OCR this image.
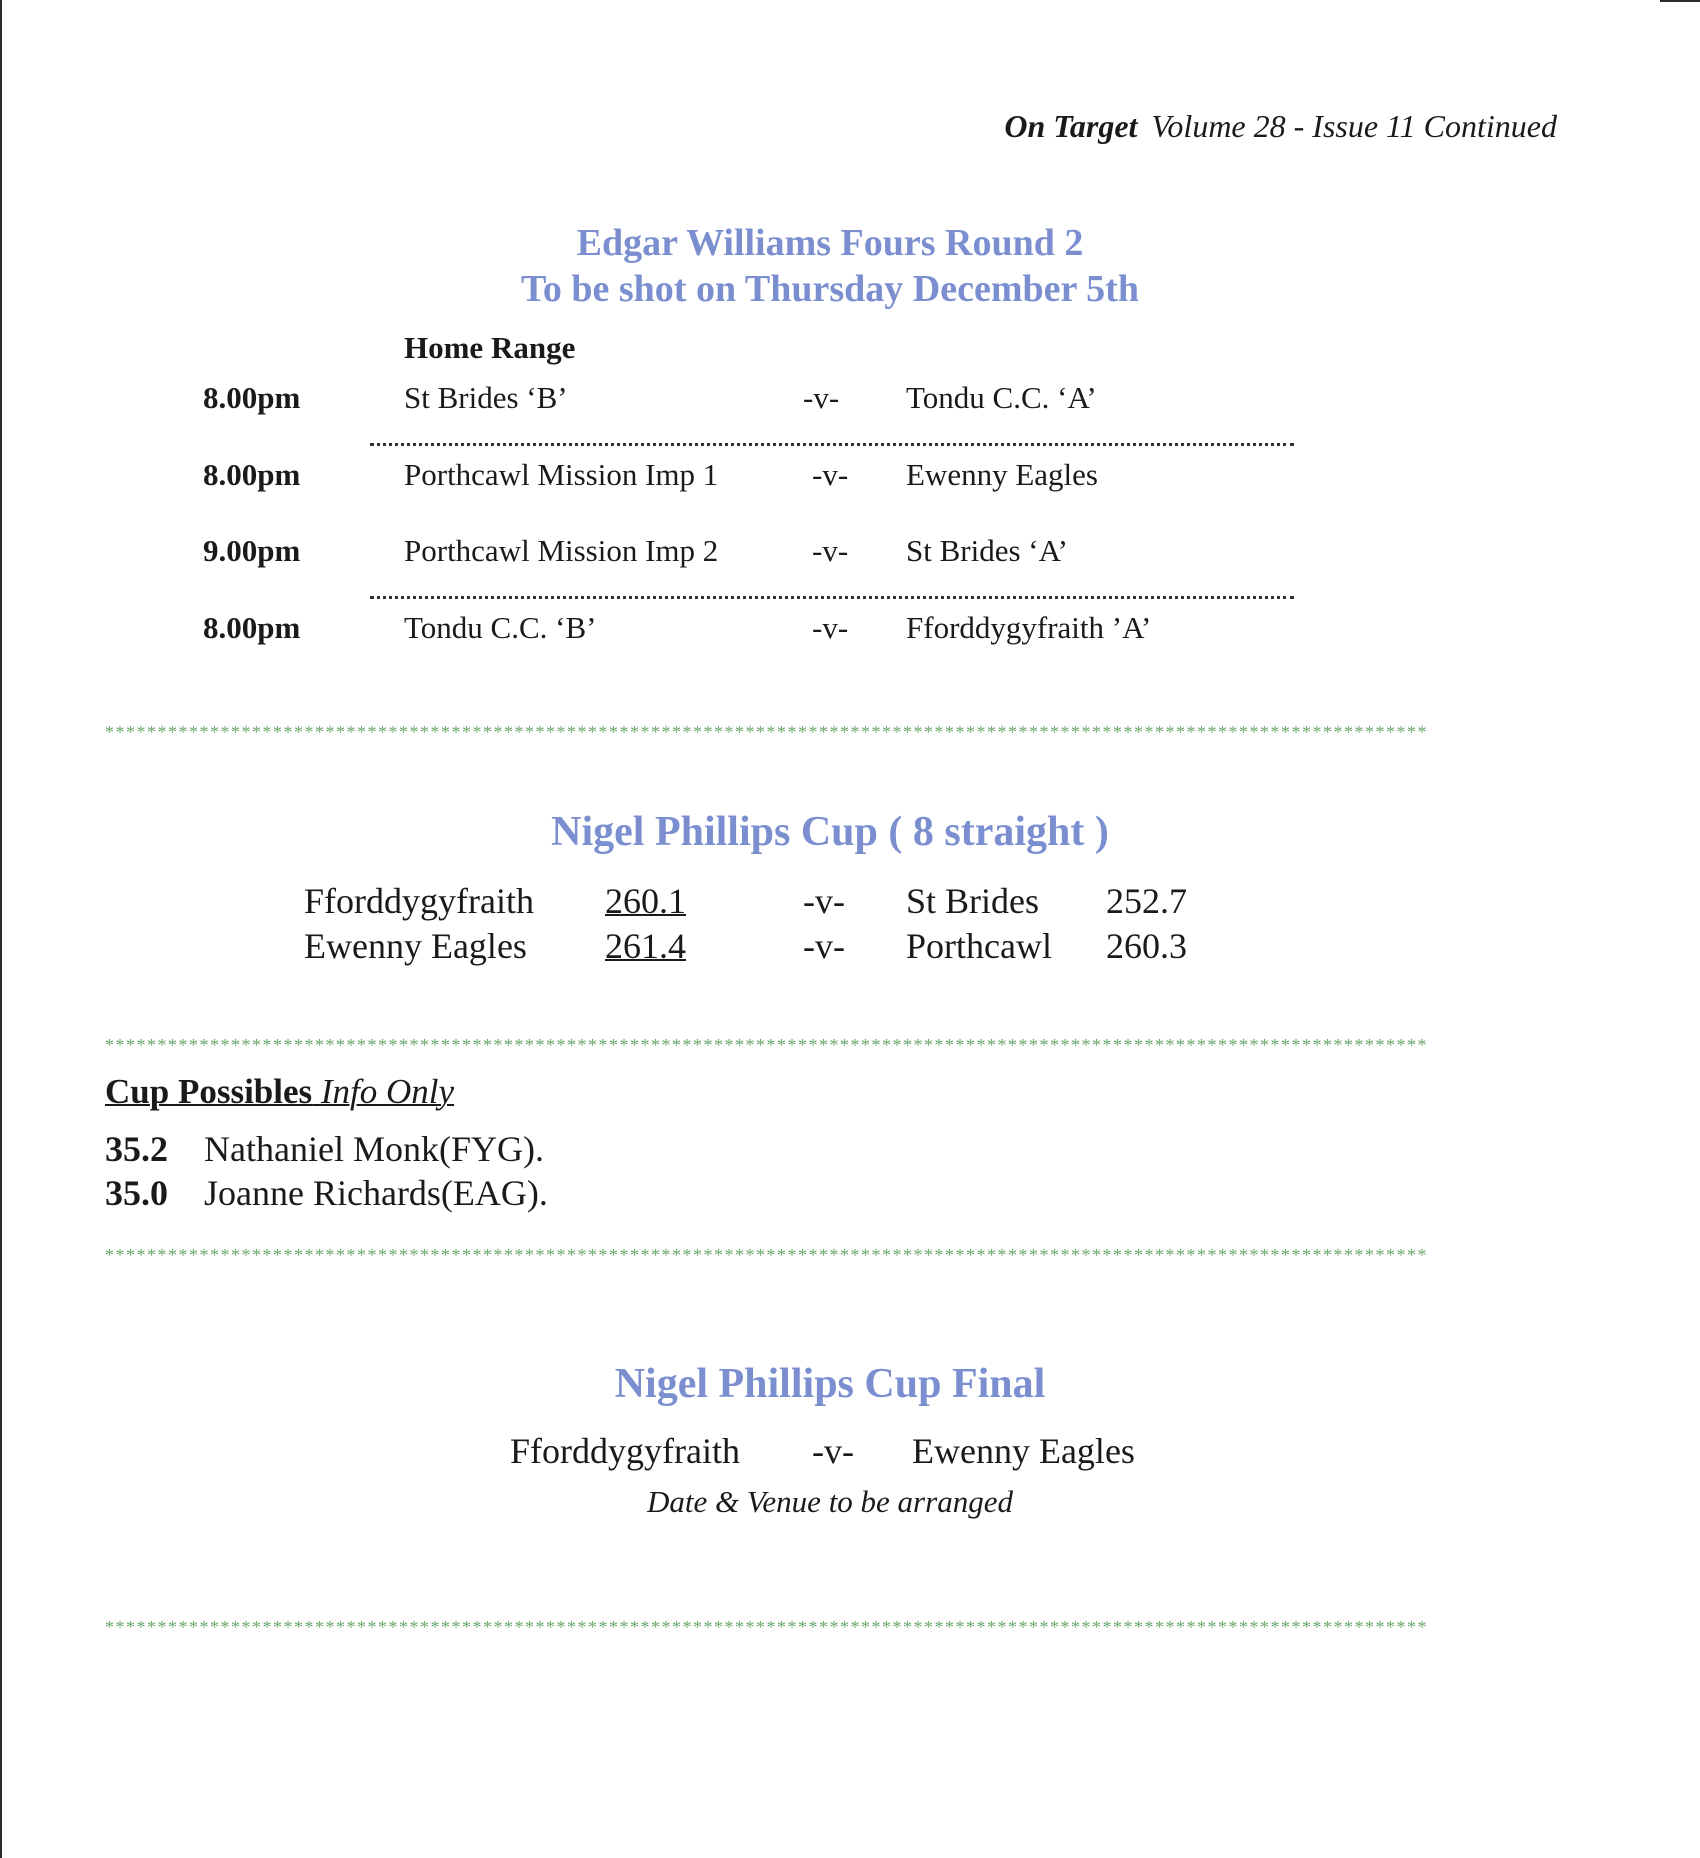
On Target Volume 28 - Issue 11 Continued
Edgar Williams Fours Round 2
To be shot on Thursday December 5th
Home Range
8.00pm	St Brides ‘B’	-v- Tondu C.C. ‘A’
8.00pm	Porthcawl Mission Imp 1	-v- Ewenny Eagles
9.00pm	Porthcawl Mission Imp 2	-v- St Brides ‘A’
8.00pm	Tondu C.C. ‘B’	-v- Fforddygyfraith ’A’
******************************************************************************************************************************
Nigel Phillips Cup ( 8 straight )
Fforddygyfraith 260.1	-v- St Brides 252.7
Ewenny Eagles 261.4	-v- Porthcawl 260.3
******************************************************************************************************************************
Cup Possibles Info Only
35.2 Nathaniel Monk(FYG).
35.0 Joanne Richards(EAG).
******************************************************************************************************************************
Nigel Phillips Cup Final
Fforddygyfraith -v- Ewenny Eagles
Date & Venue to be arranged
******************************************************************************************************************************
